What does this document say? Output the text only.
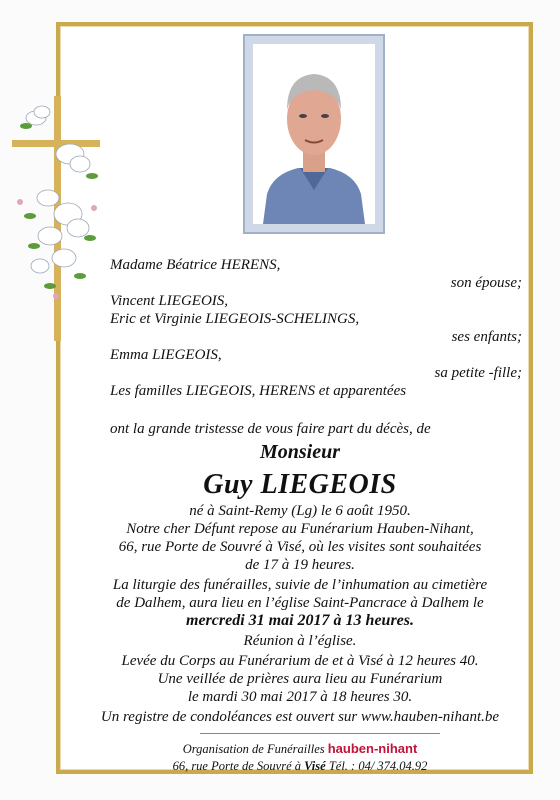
Madame Béatrice HERENS,
son épouse;
Vincent LIEGEOIS,
Eric et Virginie LIEGEOIS-SCHELINGS,
ses enfants;
Emma LIEGEOIS,
sa petite -fille;
Les familles LIEGEOIS, HERENS et apparentées
ont la grande tristesse de vous faire part du décès, de
Monsieur
Guy LIEGEOIS
né à Saint-Remy (Lg) le 6 août 1950.
Notre cher Défunt repose au Funérarium Hauben-Nihant,
66, rue Porte de Souvré à Visé, où les visites sont souhaitées
de 17 à 19 heures.
La liturgie des funérailles, suivie de l’inhumation au cimetière
de Dalhem, aura lieu en l’église Saint-Pancrace à Dalhem le
mercredi 31 mai 2017 à 13 heures.
Réunion à l’église.
Levée du Corps au Funérarium de et à Visé à 12 heures 40.
Une veillée de prières aura lieu au Funérarium
le mardi 30 mai 2017 à 18 heures 30.
Un registre de condoléances est ouvert sur www.hauben-nihant.be
Organisation de Funérailles hauben-nihant
66, rue Porte de Souvré à Visé Tél. : 04/ 374.04.92
